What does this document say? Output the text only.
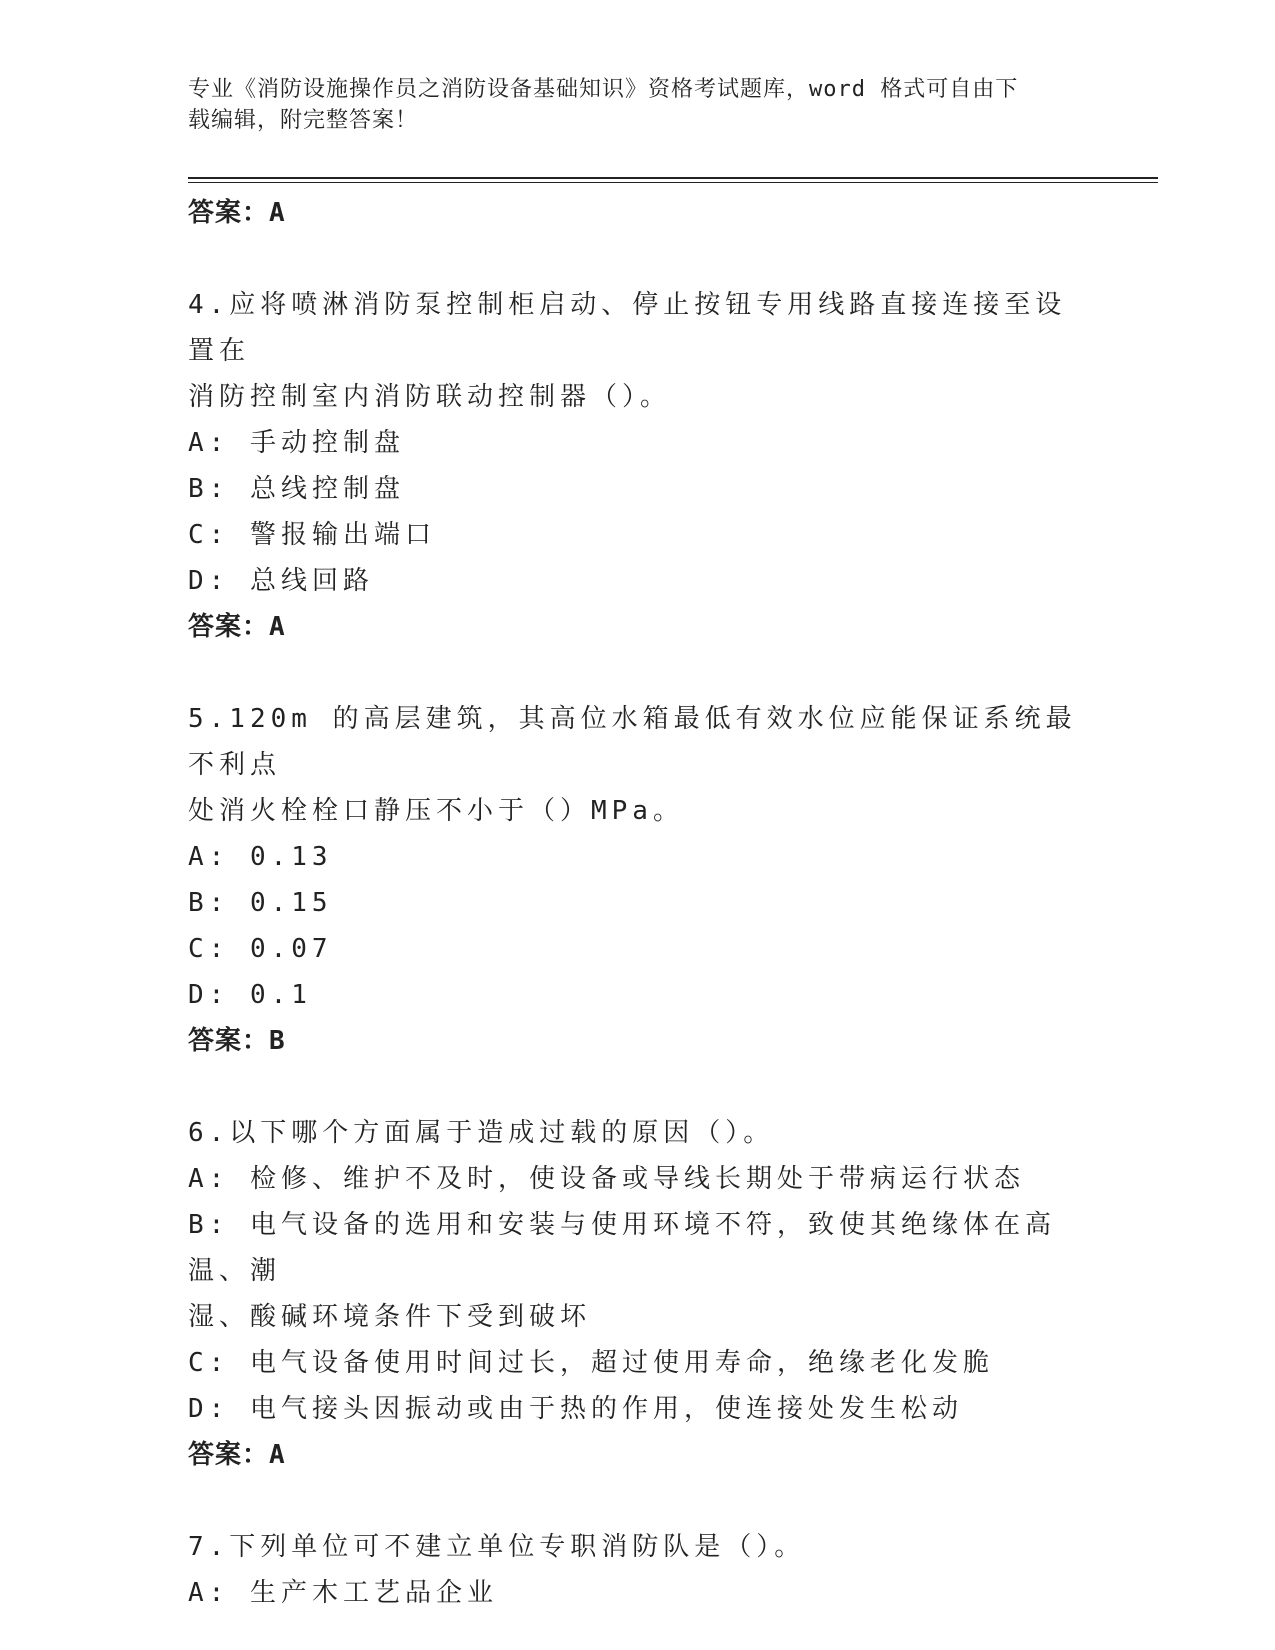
专业《消防设施操作员之消防设备基础知识》资格考试题库，word 格式可自由下
载编辑，附完整答案！
答案：A
4.应将喷淋消防泵控制柜启动、停止按钮专用线路直接连接至设置在
消防控制室内消防联动控制器（）。
A: 手动控制盘
B: 总线控制盘
C: 警报输出端口
D: 总线回路
答案：A
5.120m 的高层建筑，其高位水箱最低有效水位应能保证系统最不利点
处消火栓栓口静压不小于（）MPa。
A: 0.13
B: 0.15
C: 0.07
D: 0.1
答案：B
6.以下哪个方面属于造成过载的原因（）。
A: 检修、维护不及时，使设备或导线长期处于带病运行状态
B: 电气设备的选用和安装与使用环境不符，致使其绝缘体在高温、潮
湿、酸碱环境条件下受到破坏
C: 电气设备使用时间过长，超过使用寿命，绝缘老化发脆
D: 电气接头因振动或由于热的作用，使连接处发生松动
答案：A
7.下列单位可不建立单位专职消防队是（）。
A: 生产木工艺品企业
